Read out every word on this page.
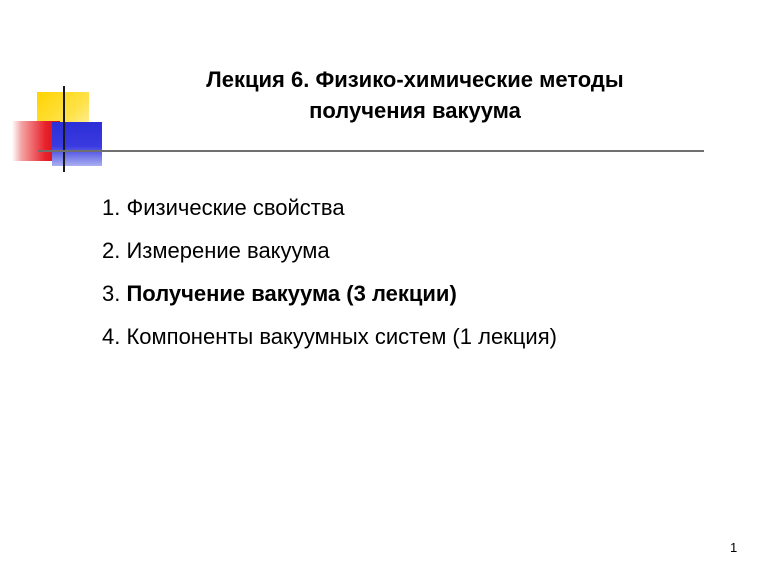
Лекция 6. Физико-химические методы
получения вакуума
1. Физические свойства
2. Измерение вакуума
3. Получение вакуума (3 лекции)
4. Компоненты вакуумных систем (1 лекция)
1
